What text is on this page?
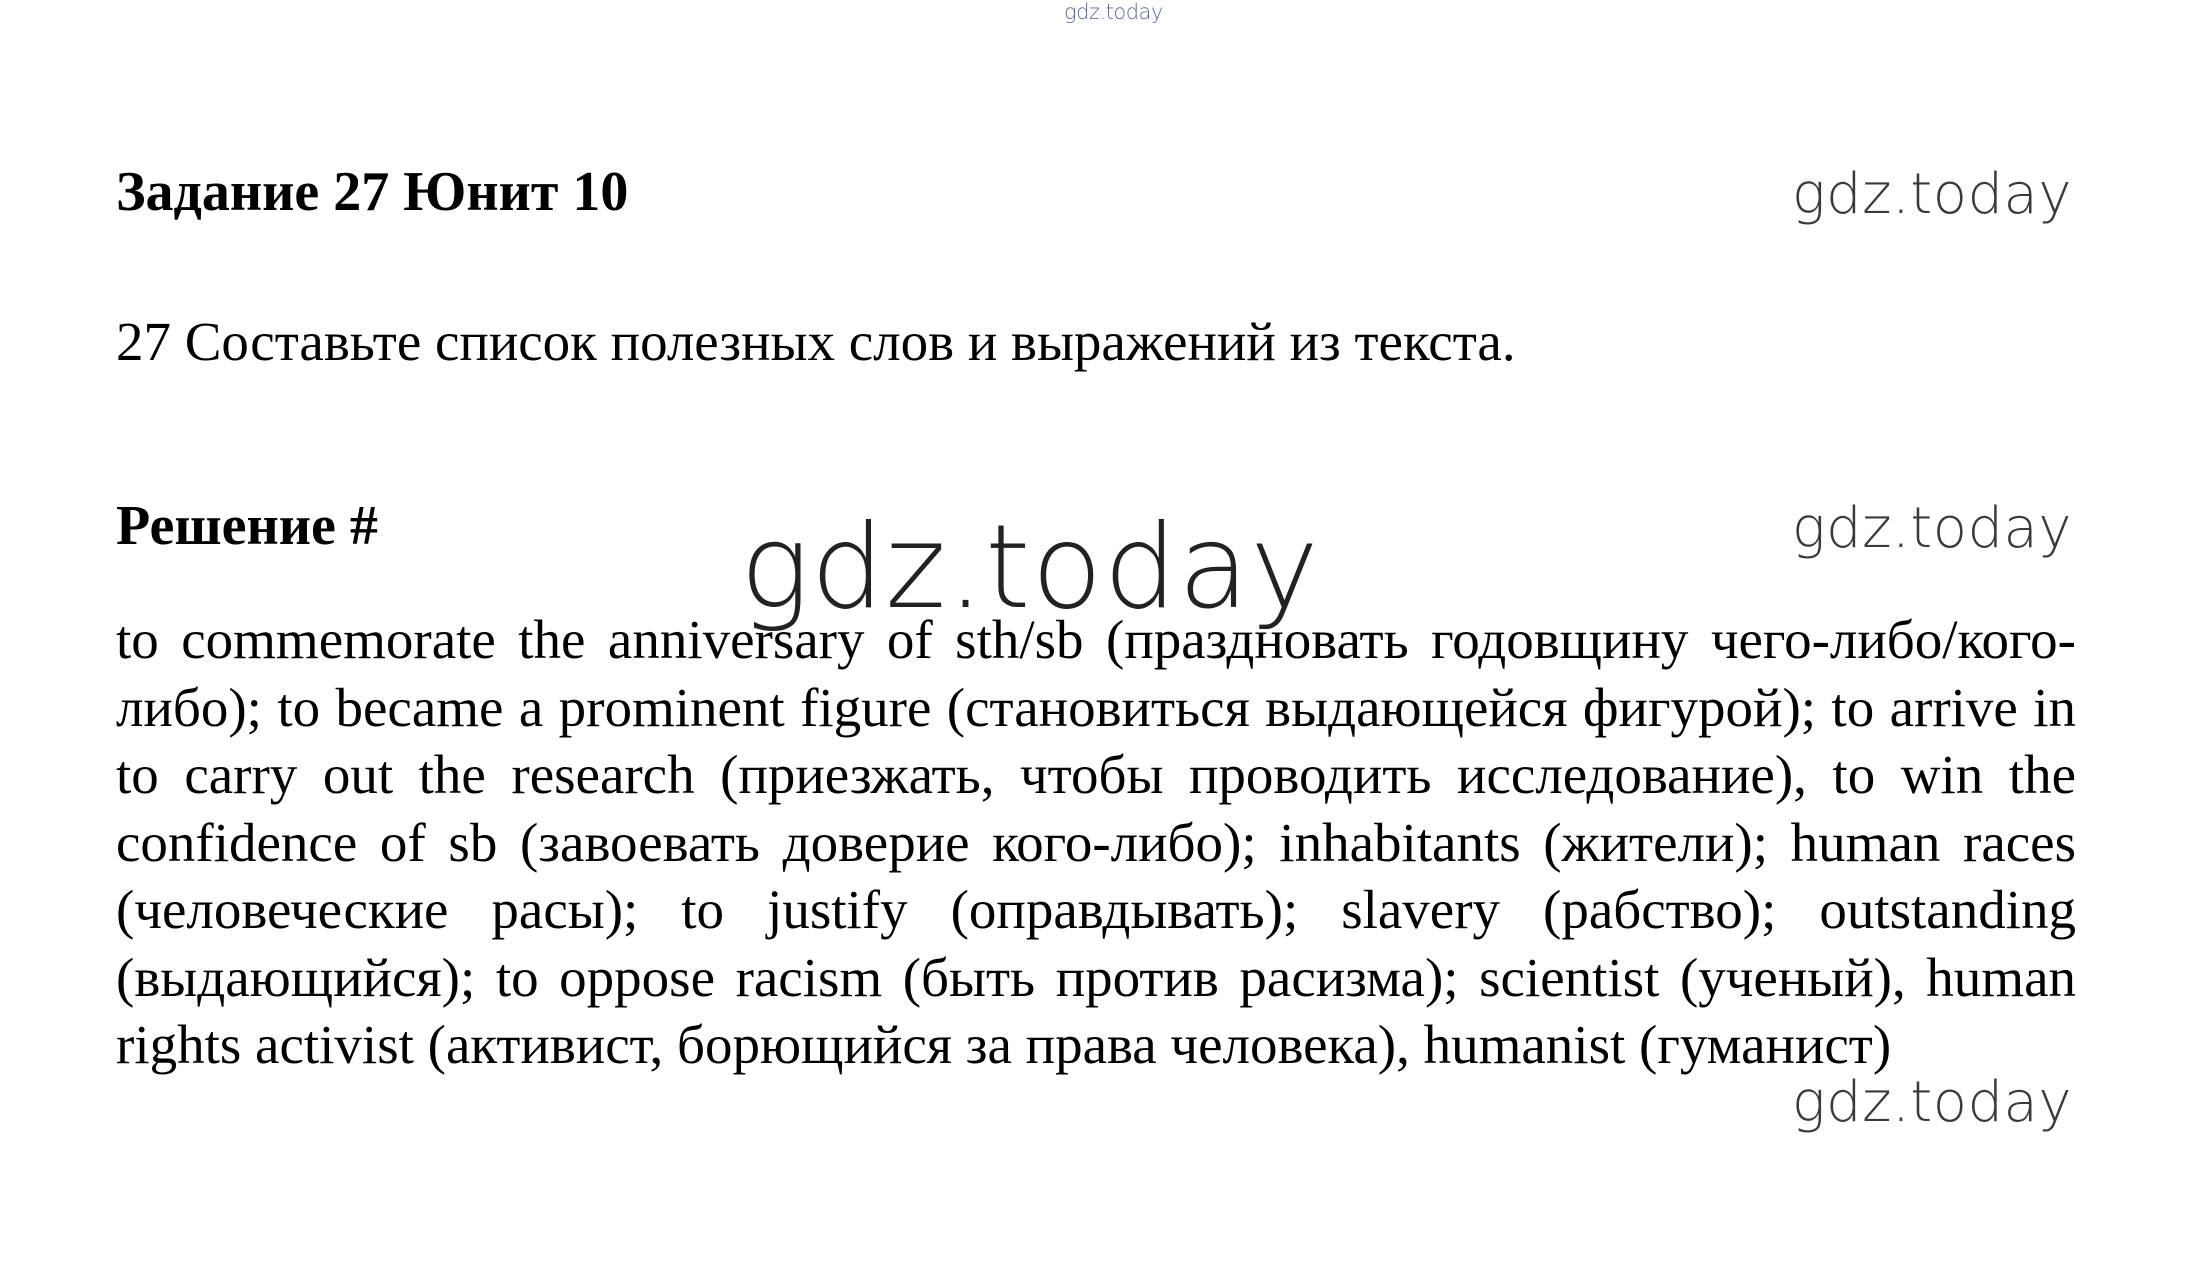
gdz.today
Задание 27 Юнит 10	gdz.today
27 Составьте список полезных слов и выражений из текста.
Решение #	gdz.today
to commemorate the anniversary of sth/sb (праздновать годовщину чего-либо/кого-либо); to became a prominent figure (становиться выдающейся фигурой); to arrive in to carry out the research (приезжать, чтобы проводить исследование), to win the confidence of sb (завоевать доверие кого-либо); inhabitants (жители); human races (человеческие расы); to justify (оправдывать); slavery (рабство); outstanding (выдающийся); to oppose racism (быть против расизма); scientist (ученый), human rights activist (активист, борющийся за права человека), humanist (гуманист)
gdz.today
gdz.today
